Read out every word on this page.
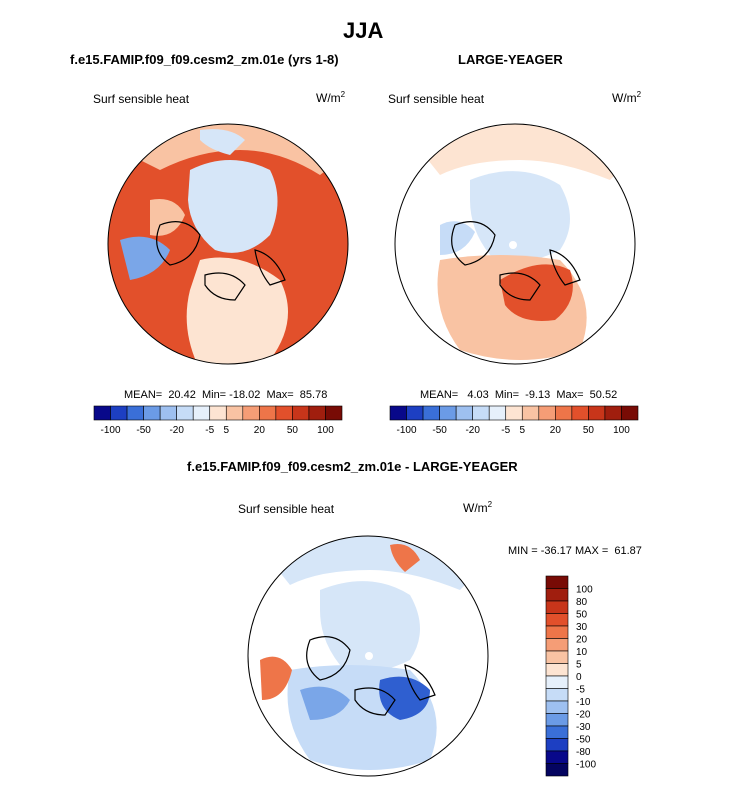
JJA
f.e15.FAMIP.f09_f09.cesm2_zm.01e (yrs 1-8)	LARGE-YEAGER
f.e15.FAMIP.f09_f09.cesm2_zm.01e - LARGE-YEAGER
Surf sensible heat	$W/m^2$	Surf sensible heat	$W/m^2$
Surf sensible heat	$W/m^2$
MEAN=  20.42  Min= -18.02  Max=  85.78	MEAN=   4.03  Min=  -9.13  Max=  50.52
MIN = -36.17 MAX =  61.87
-100 -50 -20 -5 5 20 50 100	-100 -50 -20 -5 5 20 50 100
100
80
50
30
20
10
5
0
-5
-10
-20
-30
-50
-80
-100
